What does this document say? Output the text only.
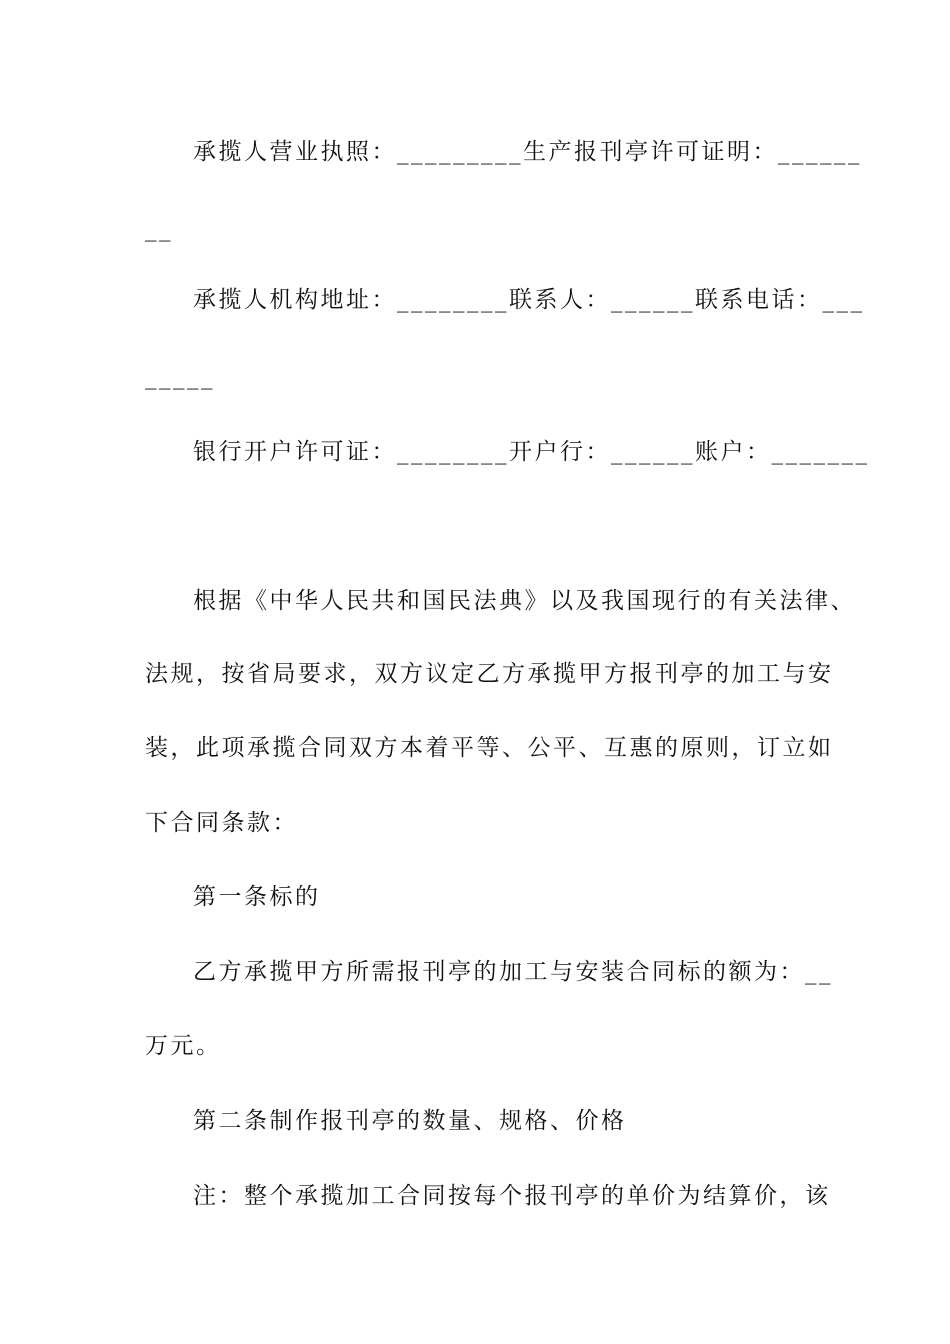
承揽人营业执照：_________生产报刊亭许可证明：______
__
承揽人机构地址：________联系人：______联系电话：___
_____
银行开户许可证：________开户行：______账户：_______
根据《中华人民共和国民法典》以及我国现行的有关法律、
法规，按省局要求，双方议定乙方承揽甲方报刊亭的加工与安
装，此项承揽合同双方本着平等、公平、互惠的原则，订立如
下合同条款：
第一条标的
乙方承揽甲方所需报刊亭的加工与安装合同标的额为：__
万元。
第二条制作报刊亭的数量、规格、价格
注：整个承揽加工合同按每个报刊亭的单价为结算价，该
